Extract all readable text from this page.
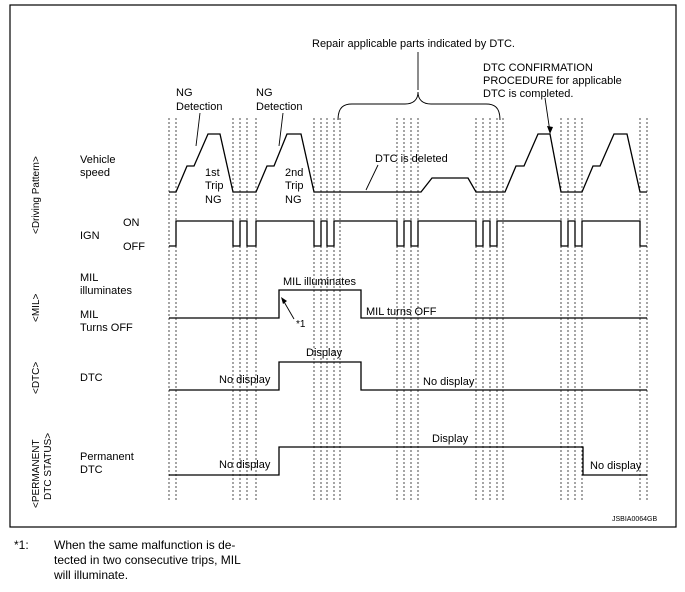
Repair applicable parts indicated by DTC.
DTC CONFIRMATION PROCEDURE for applicable DTC is completed.
NG Detection
NG Detection
<Driving Pattern>
<MIL>
<DTC>
<PERMANENT DTC STATUS>
Vehicle speed
IGN
ON
OFF
MIL illuminates
MIL Turns OFF
DTC
Permanent DTC
1st Trip NG
2nd Trip NG
DTC is deleted
MIL illuminates
MIL turns OFF
*1
Display
No display	No display
Display
No display	No display
JSBIA0064GB
*1: When the same malfunction is de-
tected in two consecutive trips, MIL
will illuminate.
